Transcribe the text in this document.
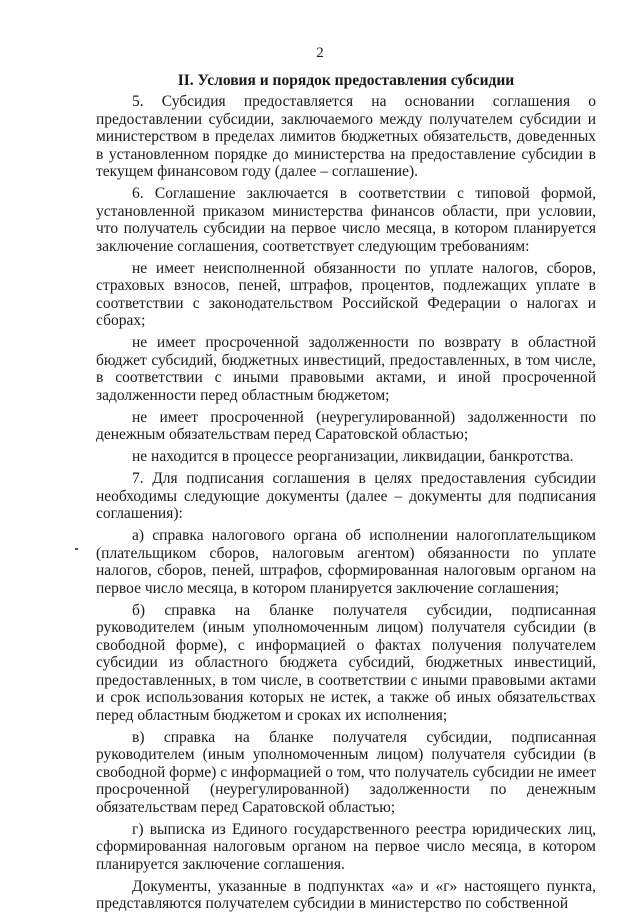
2
II. Условия и порядок предоставления субсидии

5. Субсидия предоставляется на основании соглашения о предоставлении субсидии, заключаемого между получателем субсидии и министерством в пределах лимитов бюджетных обязательств, доведенных в установленном порядке до министерства на предоставление субсидии в текущем финансовом году (далее – соглашение).

6. Соглашение заключается в соответствии с типовой формой, установленной приказом министерства финансов области, при условии, что получатель субсидии на первое число месяца, в котором планируется заключение соглашения, соответствует следующим требованиям:

не имеет неисполненной обязанности по уплате налогов, сборов, страховых взносов, пеней, штрафов, процентов, подлежащих уплате в соответствии с законодательством Российской Федерации о налогах и сборах;

не имеет просроченной задолженности по возврату в областной бюджет субсидий, бюджетных инвестиций, предоставленных, в том числе, в соответствии с иными правовыми актами, и иной просроченной задолженности перед областным бюджетом;

не имеет просроченной (неурегулированной) задолженности по денежным обязательствам перед Саратовской областью;

не находится в процессе реорганизации, ликвидации, банкротства.

7. Для подписания соглашения в целях предоставления субсидии необходимы следующие документы (далее – документы для подписания соглашения):

а) справка налогового органа об исполнении налогоплательщиком (плательщиком сборов, налоговым агентом) обязанности по уплате налогов, сборов, пеней, штрафов, сформированная налоговым органом на первое число месяца, в котором планируется заключение соглашения;

б) справка на бланке получателя субсидии, подписанная руководителем (иным уполномоченным лицом) получателя субсидии (в свободной форме), с информацией о фактах получения получателем субсидии из областного бюджета субсидий, бюджетных инвестиций, предоставленных, в том числе, в соответствии с иными правовыми актами и срок использования которых не истек, а также об иных обязательствах перед областным бюджетом и сроках их исполнения;

в) справка на бланке получателя субсидии, подписанная руководителем (иным уполномоченным лицом) получателя субсидии (в свободной форме) с информацией о том, что получатель субсидии не имеет просроченной (неурегулированной) задолженности по денежным обязательствам перед Саратовской областью;

г) выписка из Единого государственного реестра юридических лиц, сформированная налоговым органом на первое число месяца, в котором планируется заключение соглашения.

Документы, указанные в подпунктах «а» и «г» настоящего пункта, представляются получателем субсидии в министерство по собственной
